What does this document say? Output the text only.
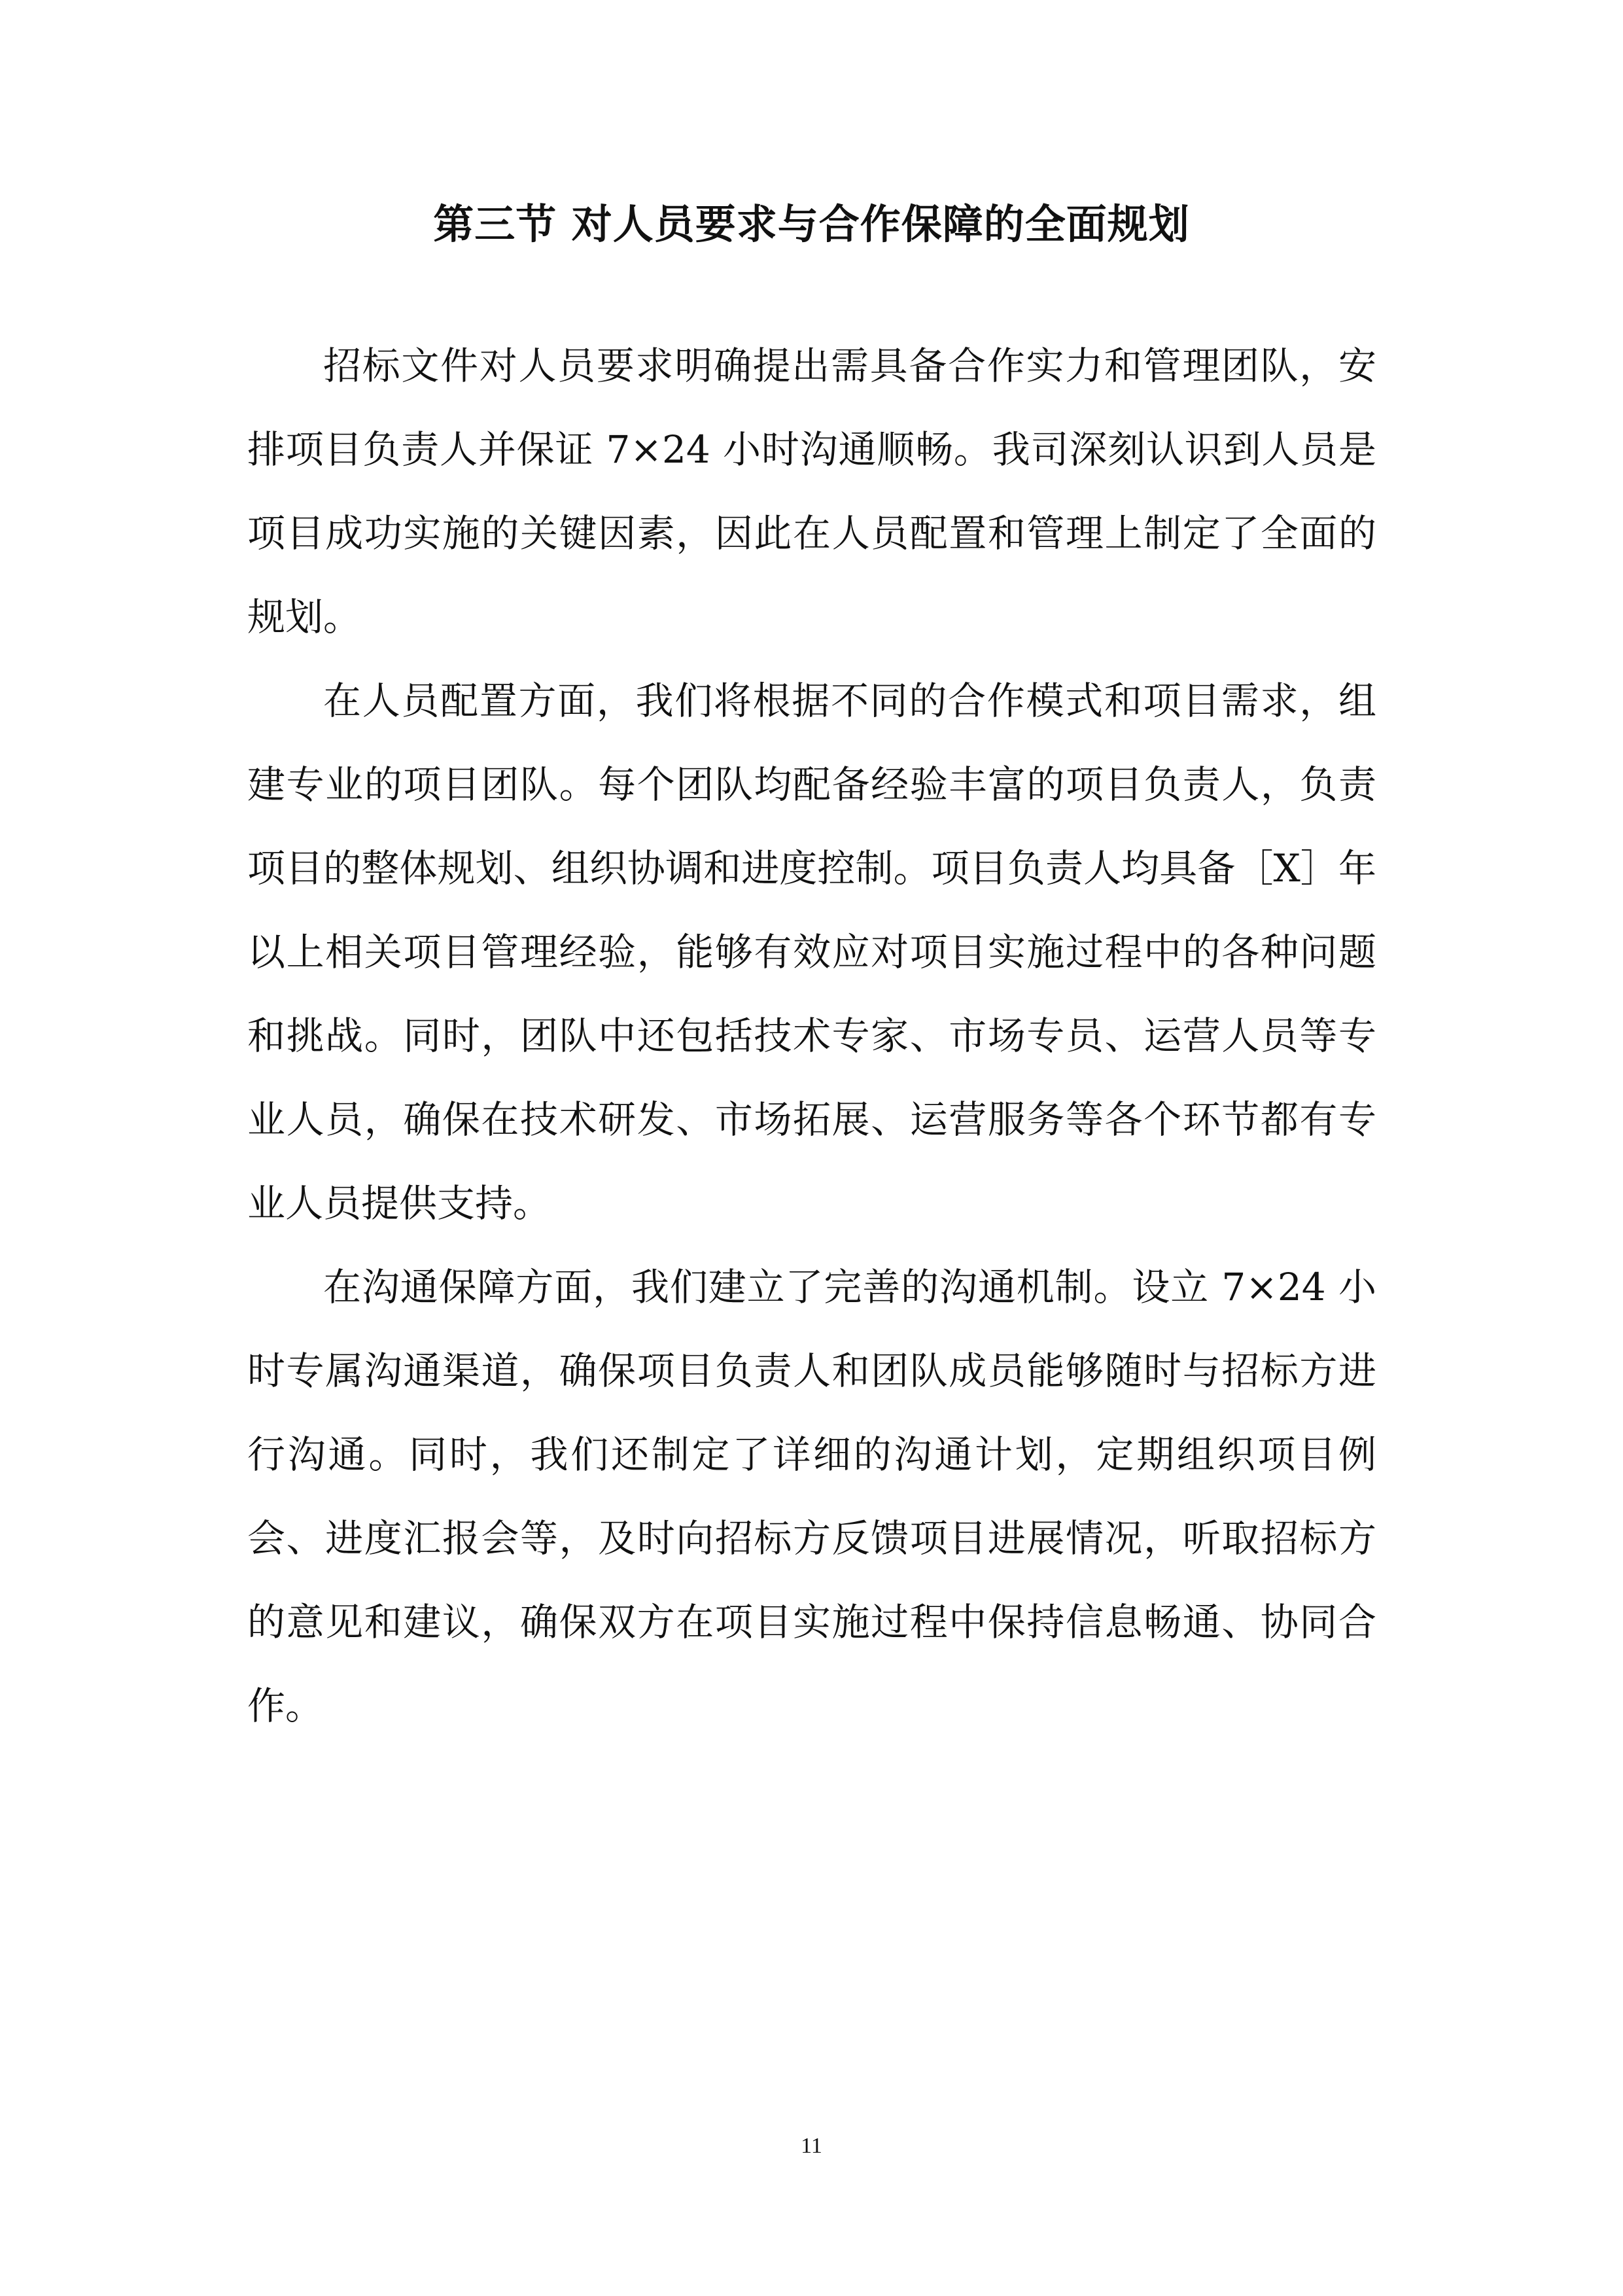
第三节 对人员要求与合作保障的全面规划

招标文件对人员要求明确提出需具备合作实力和管理团队，安排项目负责人并保证 7×24 小时沟通顺畅。我司深刻认识到人员是项目成功实施的关键因素，因此在人员配置和管理上制定了全面的规划。

在人员配置方面，我们将根据不同的合作模式和项目需求，组建专业的项目团队。每个团队均配备经验丰富的项目负责人，负责项目的整体规划、组织协调和进度控制。项目负责人均具备［X］年以上相关项目管理经验，能够有效应对项目实施过程中的各种问题和挑战。同时，团队中还包括技术专家、市场专员、运营人员等专业人员，确保在技术研发、市场拓展、运营服务等各个环节都有专业人员提供支持。

在沟通保障方面，我们建立了完善的沟通机制。设立 7×24 小时专属沟通渠道，确保项目负责人和团队成员能够随时与招标方进行沟通。同时，我们还制定了详细的沟通计划，定期组织项目例会、进度汇报会等，及时向招标方反馈项目进展情况，听取招标方的意见和建议，确保双方在项目实施过程中保持信息畅通、协同合作。

11
